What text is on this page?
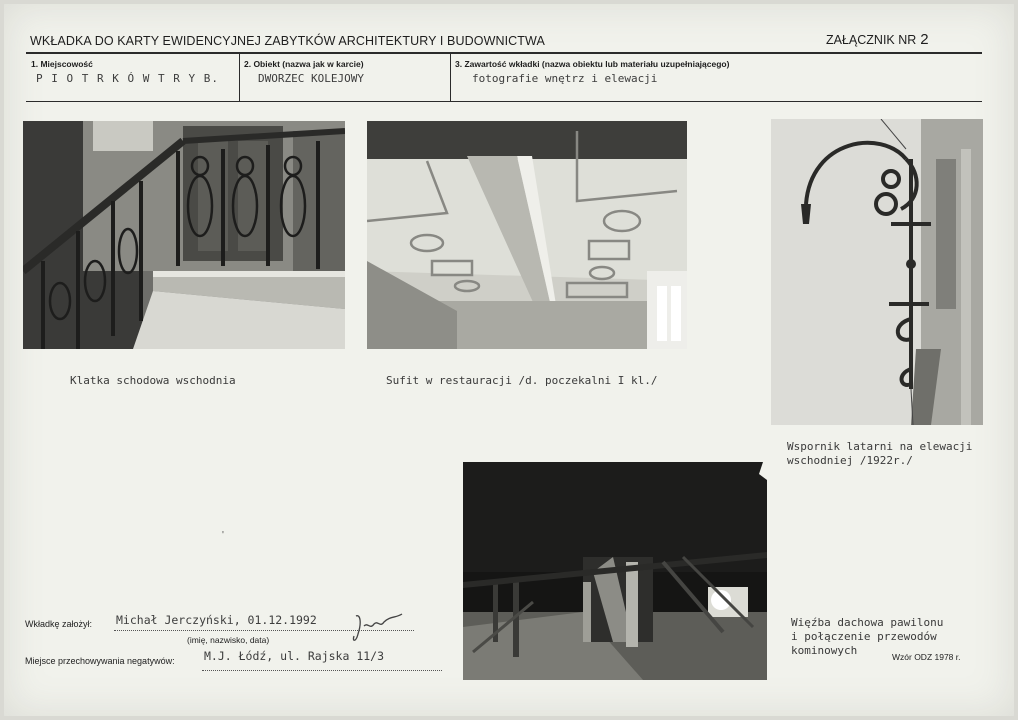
WKŁADKA DO KARTY EWIDENCYJNEJ ZABYTKÓW ARCHITEKTURY I BUDOWNICTWA	ZAŁĄCZNIK NR 2
1. Miejscowość
P I O T R K Ó W T R Y B.
2. Obiekt (nazwa jak w karcie)
DWORZEC KOLEJOWY
3. Zawartość wkładki (nazwa obiektu lub materiału uzupełniającego)
fotografie wnętrz i elewacji
Klatka schodowa wschodnia	Sufit w restauracji /d. poczekalni I kl./
Wspornik latarni na elewacji
wschodniej /1922r./
Więźba dachowa pawilonu
i połączenie przewodów
kominowych	Wzór ODZ 1978 r.
Wkładkę założył: Michał Jerczyński, 01.12.1992
(imię, nazwisko, data)
Miejsce przechowywania negatywów:	M.J. Łódź, ul. Rajska 11/3
'
